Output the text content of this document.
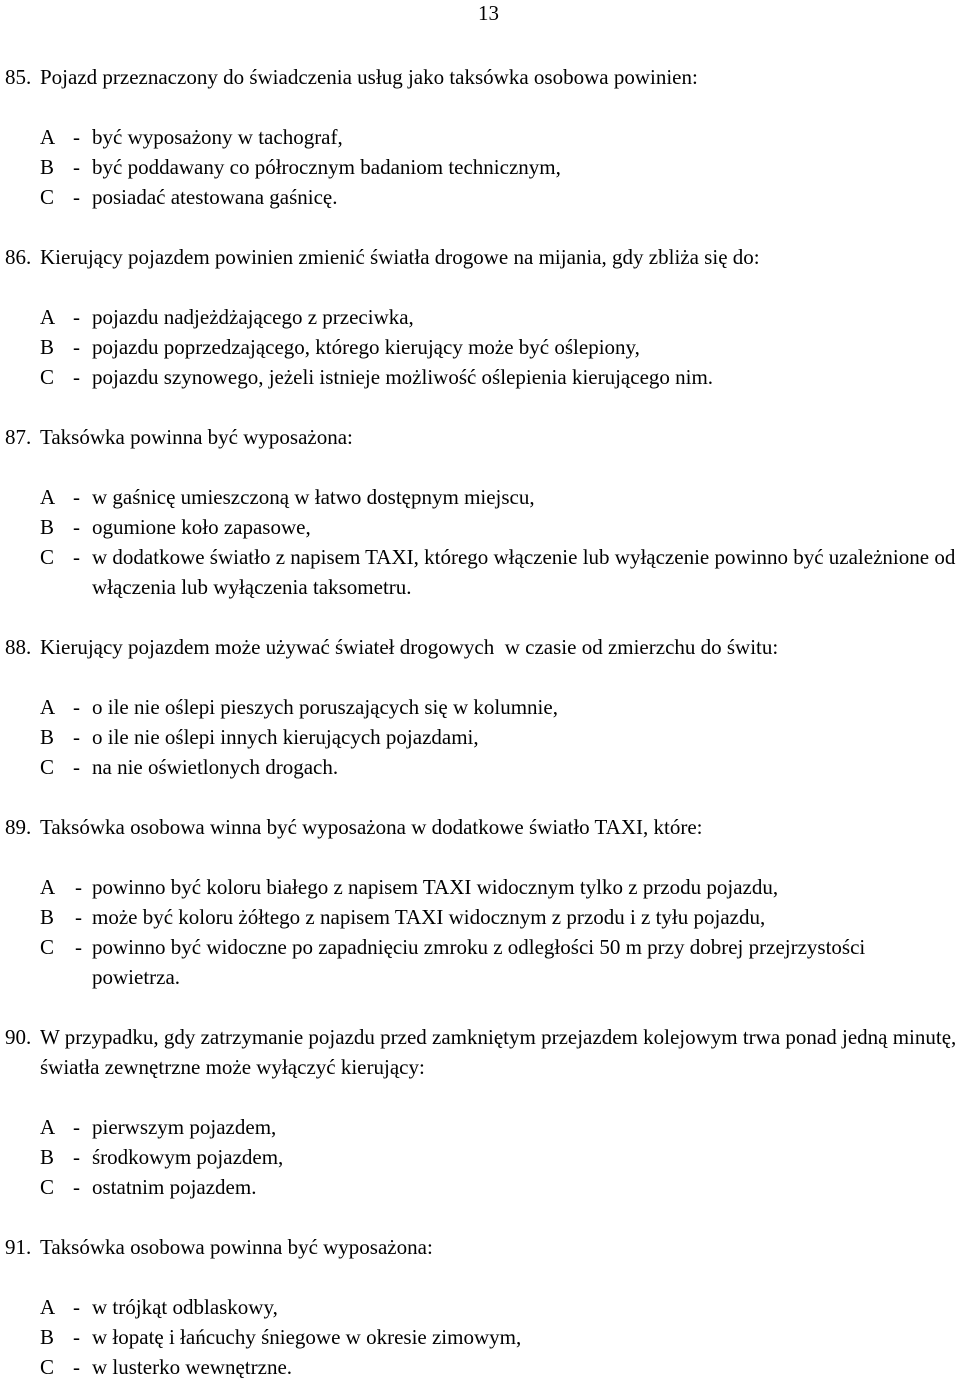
13
85. Pojazd przeznaczony do świadczenia usług jako taksówka osobowa powinien:
A - być wyposażony w tachograf,
B - być poddawany co półrocznym badaniom technicznym,
C - posiadać atestowana gaśnicę.
86. Kierujący pojazdem powinien zmienić światła drogowe na mijania, gdy zbliża się do:
A - pojazdu nadjeżdżającego z przeciwka,
B - pojazdu poprzedzającego, którego kierujący może być oślepiony,
C - pojazdu szynowego, jeżeli istnieje możliwość oślepienia kierującego nim.
87. Taksówka powinna być wyposażona:
A - w gaśnicę umieszczoną w łatwo dostępnym miejscu,
B - ogumione koło zapasowe,
C - w dodatkowe światło z napisem TAXI, którego włączenie lub wyłączenie powinno być uzależnione od włączenia lub wyłączenia taksometru.
88. Kierujący pojazdem może używać świateł drogowych  w czasie od zmierzchu do świtu:
A - o ile nie oślepi pieszych poruszających się w kolumnie,
B - o ile nie oślepi innych kierujących pojazdami,
C - na nie oświetlonych drogach.
89. Taksówka osobowa winna być wyposażona w dodatkowe światło TAXI, które:
A - powinno być koloru białego z napisem TAXI widocznym tylko z przodu pojazdu,
B - może być koloru żółtego z napisem TAXI widocznym z przodu i z tyłu pojazdu,
C - powinno być widoczne po zapadnięciu zmroku z odległości 50 m przy dobrej przejrzystości powietrza.
90. W przypadku, gdy zatrzymanie pojazdu przed zamkniętym przejazdem kolejowym trwa ponad jedną minutę, światła zewnętrzne może wyłączyć kierujący:
A - pierwszym pojazdem,
B - środkowym pojazdem,
C - ostatnim pojazdem.
91. Taksówka osobowa powinna być wyposażona:
A - w trójkąt odblaskowy,
B - w łopatę i łańcuchy śniegowe w okresie zimowym,
C - w lusterko wewnętrzne.
